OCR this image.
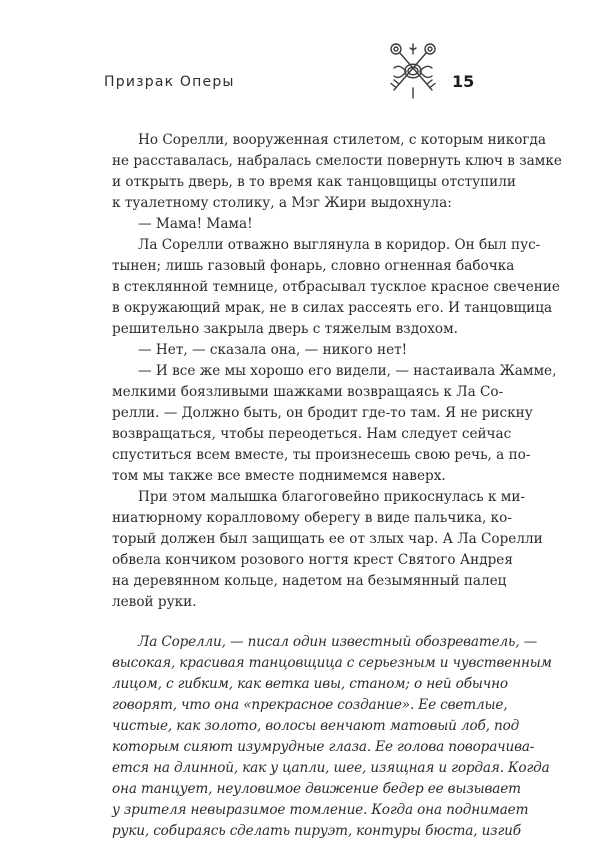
Призрак Оперы	15
Но Сорелли, вооруженная стилетом, с которым никогда
не расставалась, набралась смелости повернуть ключ в замке
и открыть дверь, в то время как танцовщицы отступили
к туалетному столику, а Мэг Жири выдохнула:
— Мама! Мама!
Ла Сорелли отважно выглянула в коридор. Он был пус-
тынен; лишь газовый фонарь, словно огненная бабочка
в стеклянной темнице, отбрасывал тусклое красное свечение
в окружающий мрак, не в силах рассеять его. И танцовщица
решительно закрыла дверь с тяжелым вздохом.
— Нет, — сказала она, — никого нет!
— И все же мы хорошо его видели, — настаивала Жамме,
мелкими боязливыми шажками возвращаясь к Ла Со-
релли. — Должно быть, он бродит где-то там. Я не рискну
возвращаться, чтобы переодеться. Нам следует сейчас
спуститься всем вместе, ты произнесешь свою речь, а по-
том мы также все вместе поднимемся наверх.
При этом малышка благоговейно прикоснулась к ми-
ниатюрному коралловому оберегу в виде пальчика, ко-
торый должен был защищать ее от злых чар. А Ла Сорелли
обвела кончиком розового ногтя крест Святого Андрея
на деревянном кольце, надетом на безымянный палец
левой руки.
Ла Сорелли, — писал один известный обозреватель, —
высокая, красивая танцовщица с серьезным и чувственным
лицом, с гибким, как ветка ивы, станом; о ней обычно
говорят, что она «прекрасное создание». Ее светлые,
чистые, как золото, волосы венчают матовый лоб, под
которым сияют изумрудные глаза. Ее голова поворачива-
ется на длинной, как у цапли, шее, изящная и гордая. Когда
она танцует, неуловимое движение бедер ее вызывает
у зрителя невыразимое томление. Когда она поднимает
руки, собираясь сделать пируэт, контуры бюста, изгиб
